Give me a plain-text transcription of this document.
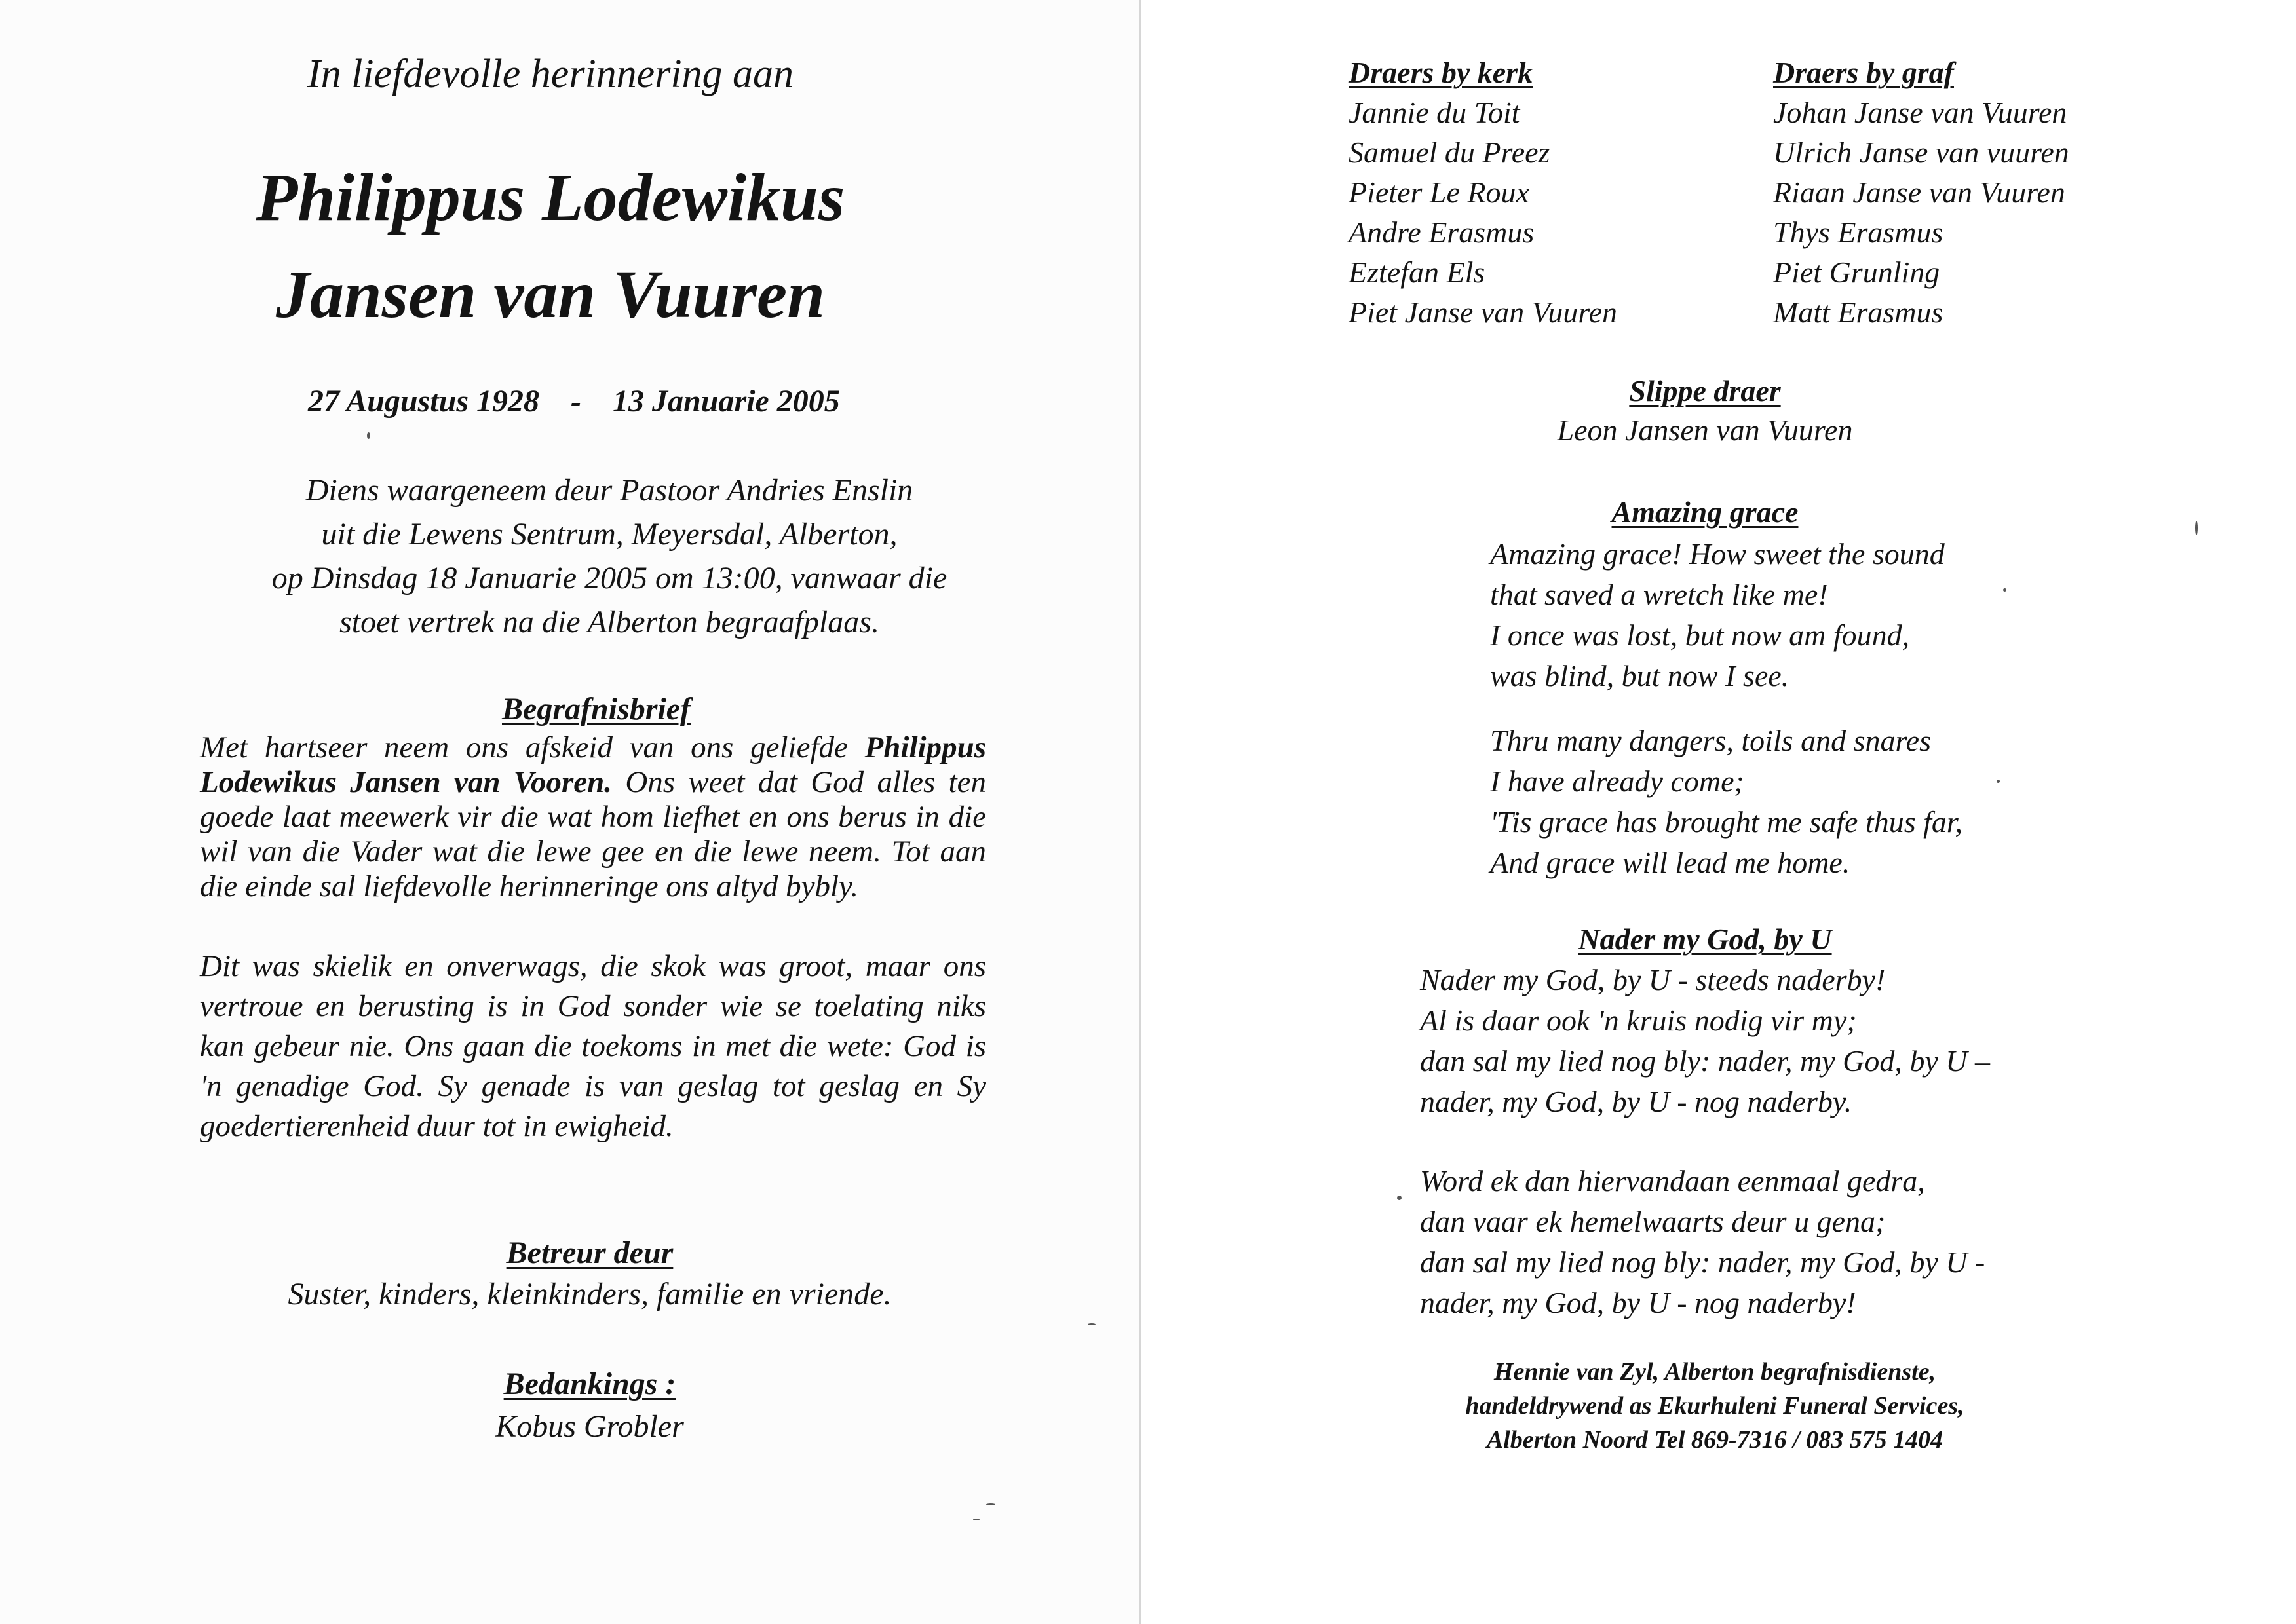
In liefdevolle herinnering aan
Philippus Lodewikus
Jansen van Vuuren
27 Augustus 1928 - 13 Januarie 2005
Diens waargeneem deur Pastoor Andries Enslin
uit die Lewens Sentrum, Meyersdal, Alberton,
op Dinsdag 18 Januarie 2005 om 13:00, vanwaar die
stoet vertrek na die Alberton begraafplaas.
Begrafnisbrief

Met hartseer neem ons afskeid van ons geliefde Philippus Lodewikus Jansen van Vooren. Ons weet dat God alles ten goede laat meewerk vir die wat hom liefhet en ons berus in die wil van die Vader wat die lewe gee en die lewe neem. Tot aan die einde sal liefdevolle herinneringe ons altyd bybly.

Dit was skielik en onverwags, die skok was groot, maar ons vertroue en berusting is in God sonder wie se toelating niks kan gebeur nie. Ons gaan die toekoms in met die wete: God is 'n genadige God. Sy genade is van geslag tot geslag en Sy goedertierenheid duur tot in ewigheid.

Betreur deur
Suster, kinders, kleinkinders, familie en vriende.
Bedankings :
Kobus Grobler
Draers by kerk
Jannie du Toit
Samuel du Preez
Pieter Le Roux
Andre Erasmus
Eztefan Els
Piet Janse van Vuuren
Draers by graf
Johan Janse van Vuuren
Ulrich Janse van vuuren
Riaan Janse van Vuuren
Thys Erasmus
Piet Grunling
Matt Erasmus
Slippe draer
Leon Jansen van Vuuren
Amazing grace
Amazing grace! How sweet the sound
that saved a wretch like me!
I once was lost, but now am found,
was blind, but now I see.
Thru many dangers, toils and snares
I have already come;
'Tis grace has brought me safe thus far,
And grace will lead me home.
Nader my God, by U
Nader my God, by U - steeds naderby!
Al is daar ook 'n kruis nodig vir my;
dan sal my lied nog bly: nader, my God, by U –
nader, my God, by U - nog naderby.
Word ek dan hiervandaan eenmaal gedra,
dan vaar ek hemelwaarts deur u gena;
dan sal my lied nog bly: nader, my God, by U -
nader, my God, by U - nog naderby!
Hennie van Zyl, Alberton begrafnisdienste,
handeldrywend as Ekurhuleni Funeral Services,
Alberton Noord Tel 869-7316 / 083 575 1404
